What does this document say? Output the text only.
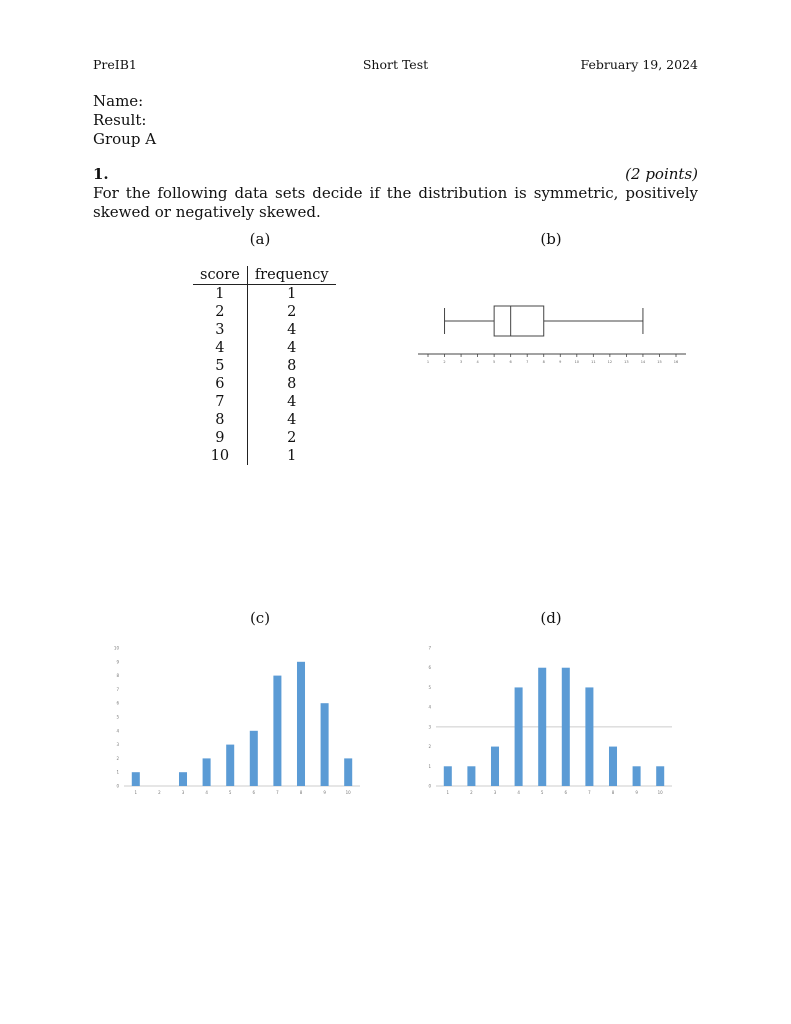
PreIB1	Short Test	February 19, 2024
Name:
Result:
Group A
1.	(2 points)
For the following data sets decide if the distribution is symmetric, positively skewed or negatively skewed.
(a)	(b)
(c)	(d)
score	frequency
1	1
2	2
3	4
4	4
5	8
6	8
7	4
8	4
9	2
10	1
1	2	3	4	5	6	7	8	9	10	11	12	13	14	15	16
0
1
2
3
4
5
6
7
8
9
10
1	2	3	4	5	6	7	8	9	10
0
1
2
3
4
5
6
7
1	2	3	4	5	6	7	8	9	10
